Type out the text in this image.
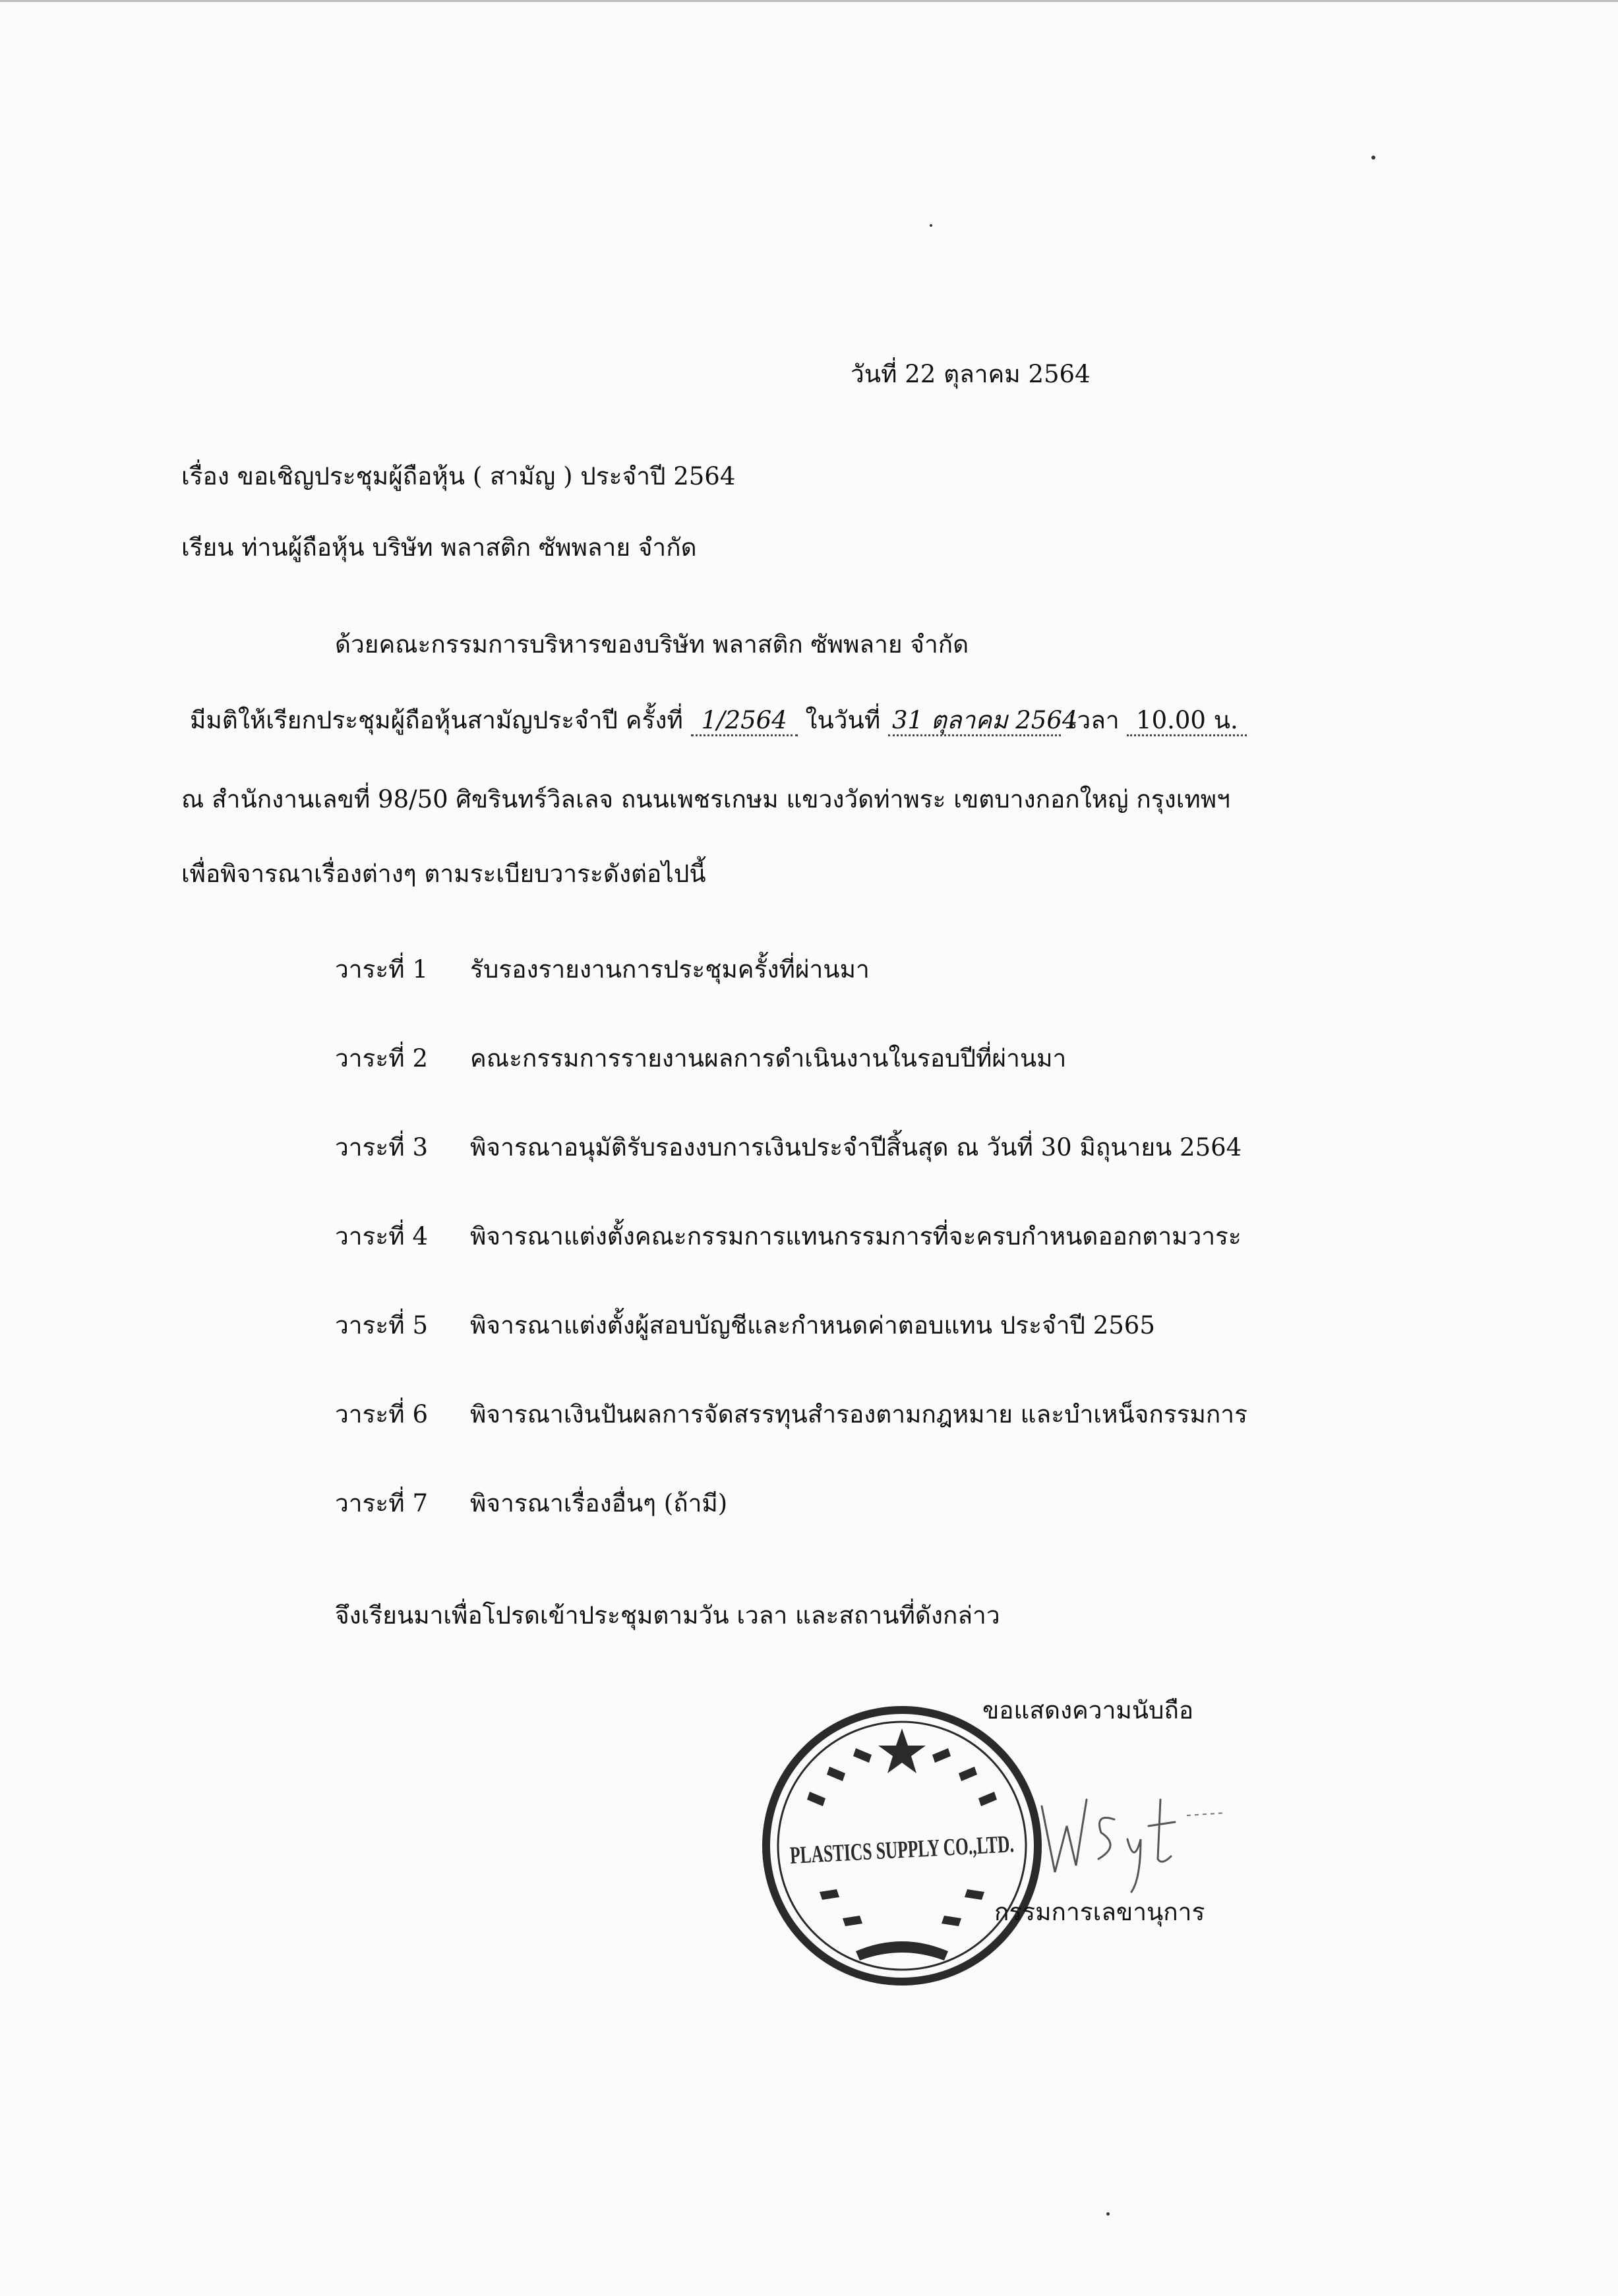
วันที่ 22 ตุลาคม 2564
เรื่อง ขอเชิญประชุมผู้ถือหุ้น ( สามัญ ) ประจำปี 2564
เรียน ท่านผู้ถือหุ้น บริษัท พลาสติก ซัพพลาย จำกัด
ด้วยคณะกรรมการบริหารของบริษัท พลาสติก ซัพพลาย จำกัด
มีมติให้เรียกประชุมผู้ถือหุ้นสามัญประจำปี ครั้งที่ 1/2564 ในวันที่ 31 ตุลาคม 2564 เวลา 10.00 น.
ณ สำนักงานเลขที่ 98/50 ศิขรินทร์วิลเลจ ถนนเพชรเกษม แขวงวัดท่าพระ เขตบางกอกใหญ่ กรุงเทพฯ
เพื่อพิจารณาเรื่องต่างๆ ตามระเบียบวาระดังต่อไปนี้
วาระที่ 1 รับรองรายงานการประชุมครั้งที่ผ่านมา
วาระที่ 2 คณะกรรมการรายงานผลการดำเนินงานในรอบปีที่ผ่านมา
วาระที่ 3 พิจารณาอนุมัติรับรองงบการเงินประจำปีสิ้นสุด ณ วันที่ 30 มิถุนายน 2564
วาระที่ 4 พิจารณาแต่งตั้งคณะกรรมการแทนกรรมการที่จะครบกำหนดออกตามวาระ
วาระที่ 5 พิจารณาแต่งตั้งผู้สอบบัญชีและกำหนดค่าตอบแทน ประจำปี 2565
วาระที่ 6 พิจารณาเงินปันผลการจัดสรรทุนสำรองตามกฎหมาย และบำเหน็จกรรมการ
วาระที่ 7 พิจารณาเรื่องอื่นๆ (ถ้ามี)
จึงเรียนมาเพื่อโปรดเข้าประชุมตามวัน เวลา และสถานที่ดังกล่าว
ขอแสดงความนับถือ
PLASTICS SUPPLY CO.,LTD.
กรรมการเลขานุการ
